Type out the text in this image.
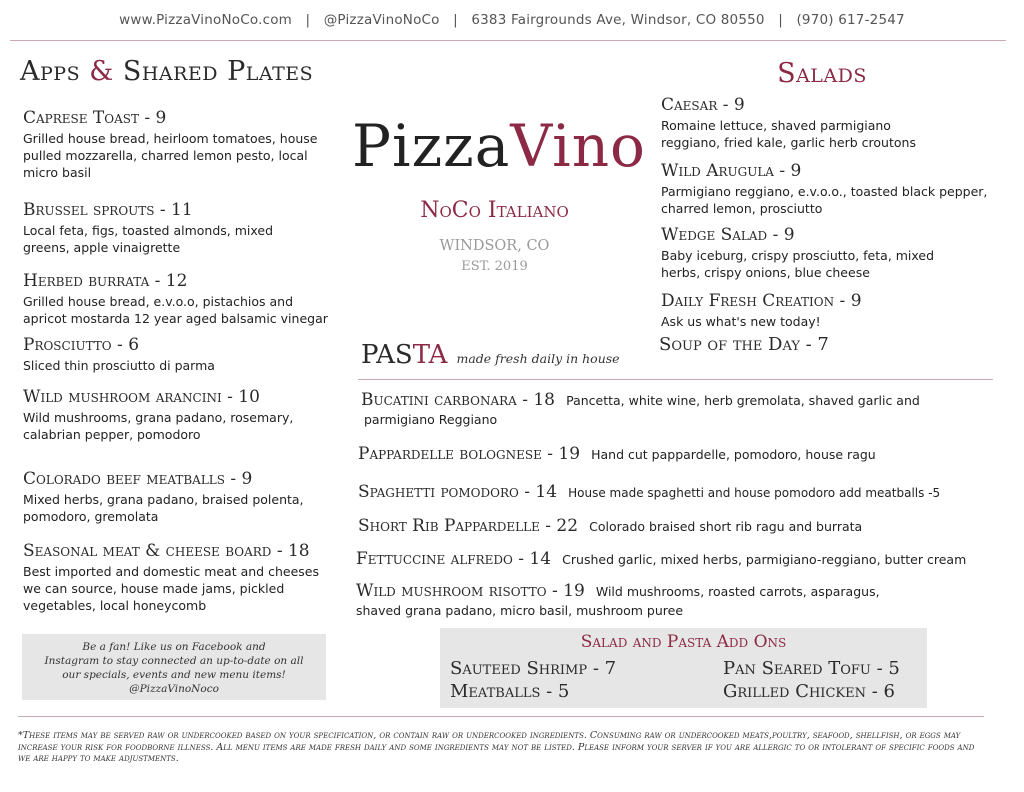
www.PizzaVinoNoCo.com | @PizzaVinoNoCo | 6383 Fairgrounds Ave, Windsor, CO 80550 | (970) 617-2547
Apps & Shared Plates
Caprese Toast - 9
Grilled house bread, heirloom tomatoes, house pulled mozzarella, charred lemon pesto, local micro basil
Brussel sprouts - 11
Local feta, figs, toasted almonds, mixed greens, apple vinaigrette
Herbed burrata - 12
Grilled house bread, e.v.o.o, pistachios and apricot mostarda 12 year aged balsamic vinegar
Prosciutto - 6
Sliced thin prosciutto di parma
Wild mushroom arancini - 10
Wild mushrooms, grana padano, rosemary, calabrian pepper, pomodoro
Colorado beef meatballs - 9
Mixed herbs, grana padano, braised polenta, pomodoro, gremolata
Seasonal meat & cheese board - 18
Best imported and domestic meat and cheeses we can source, house made jams, pickled vegetables, local honeycomb
Be a fan! Like us on Facebook and
Instagram to stay connected an up-to-date on all
our specials, events and new menu items!
@PizzaVinoNoco
PizzaVino
NoCo Italiano
WINDSOR, CO
EST. 2019
Salads
Caesar - 9
Romaine lettuce, shaved parmigiano reggiano, fried kale, garlic herb croutons
Wild Arugula - 9
Parmigiano reggiano, e.v.o.o., toasted black pepper, charred lemon, prosciutto
Wedge Salad - 9
Baby iceburg, crispy prosciutto, feta, mixed herbs, crispy onions, blue cheese
Daily Fresh Creation - 9
Ask us what's new today!
Soup of the Day - 7
PASTA made fresh daily in house
Bucatini carbonara - 18 Pancetta, white wine, herb gremolata, shaved garlic and
parmigiano Reggiano
Pappardelle bolognese - 19 Hand cut pappardelle, pomodoro, house ragu
Spaghetti pomodoro - 14 House made spaghetti and house pomodoro add meatballs -5
Short Rib Pappardelle - 22 Colorado braised short rib ragu and burrata
Fettuccine alfredo - 14 Crushed garlic, mixed herbs, parmigiano-reggiano, butter cream
Wild mushroom risotto - 19 Wild mushrooms, roasted carrots, asparagus,
shaved grana padano, micro basil, mushroom puree
Salad and Pasta Add Ons
Sauteed Shrimp - 7	Pan Seared Tofu - 5
Meatballs - 5	Grilled Chicken - 6
*These items may be served raw or undercooked based on your specification, or contain raw or undercooked ingredients. Consuming raw or undercooked meats,poultry, seafood, shellfish, or eggs may increase your risk for foodborne illness. All menu items are made fresh daily and some ingredients may not be listed. Please inform your server if you are allergic to or intolerant of specific foods and we are happy to make adjustments.
